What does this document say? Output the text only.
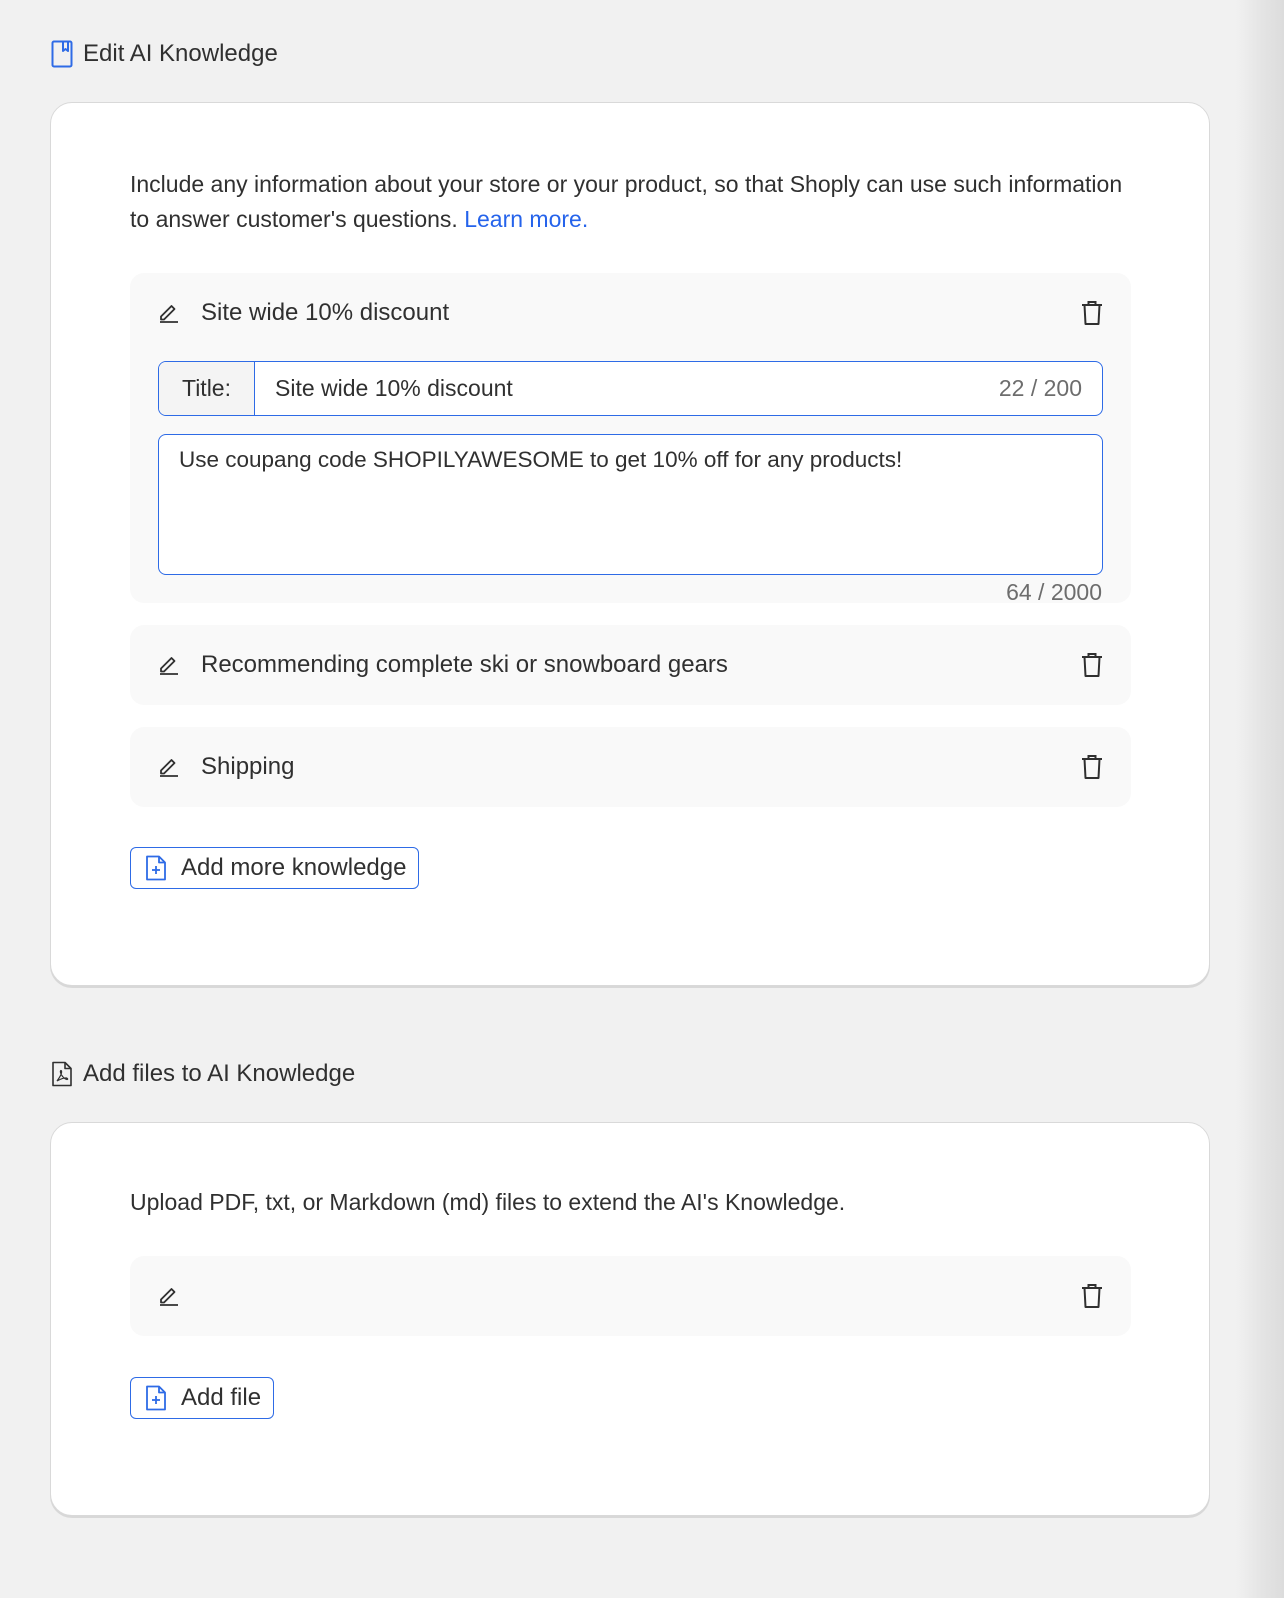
Edit AI Knowledge
Include any information about your store or your product, so that Shoply can use such information to answer customer's questions. Learn more.
Site wide 10% discount
Title:
Site wide 10% discount	22 / 200
Use coupang code SHOPILYAWESOME to get 10% off for any products!
64 / 2000
Recommending complete ski or snowboard gears
Shipping
Add more knowledge
Add files to AI Knowledge
Upload PDF, txt, or Markdown (md) files to extend the AI's Knowledge.
Add file
